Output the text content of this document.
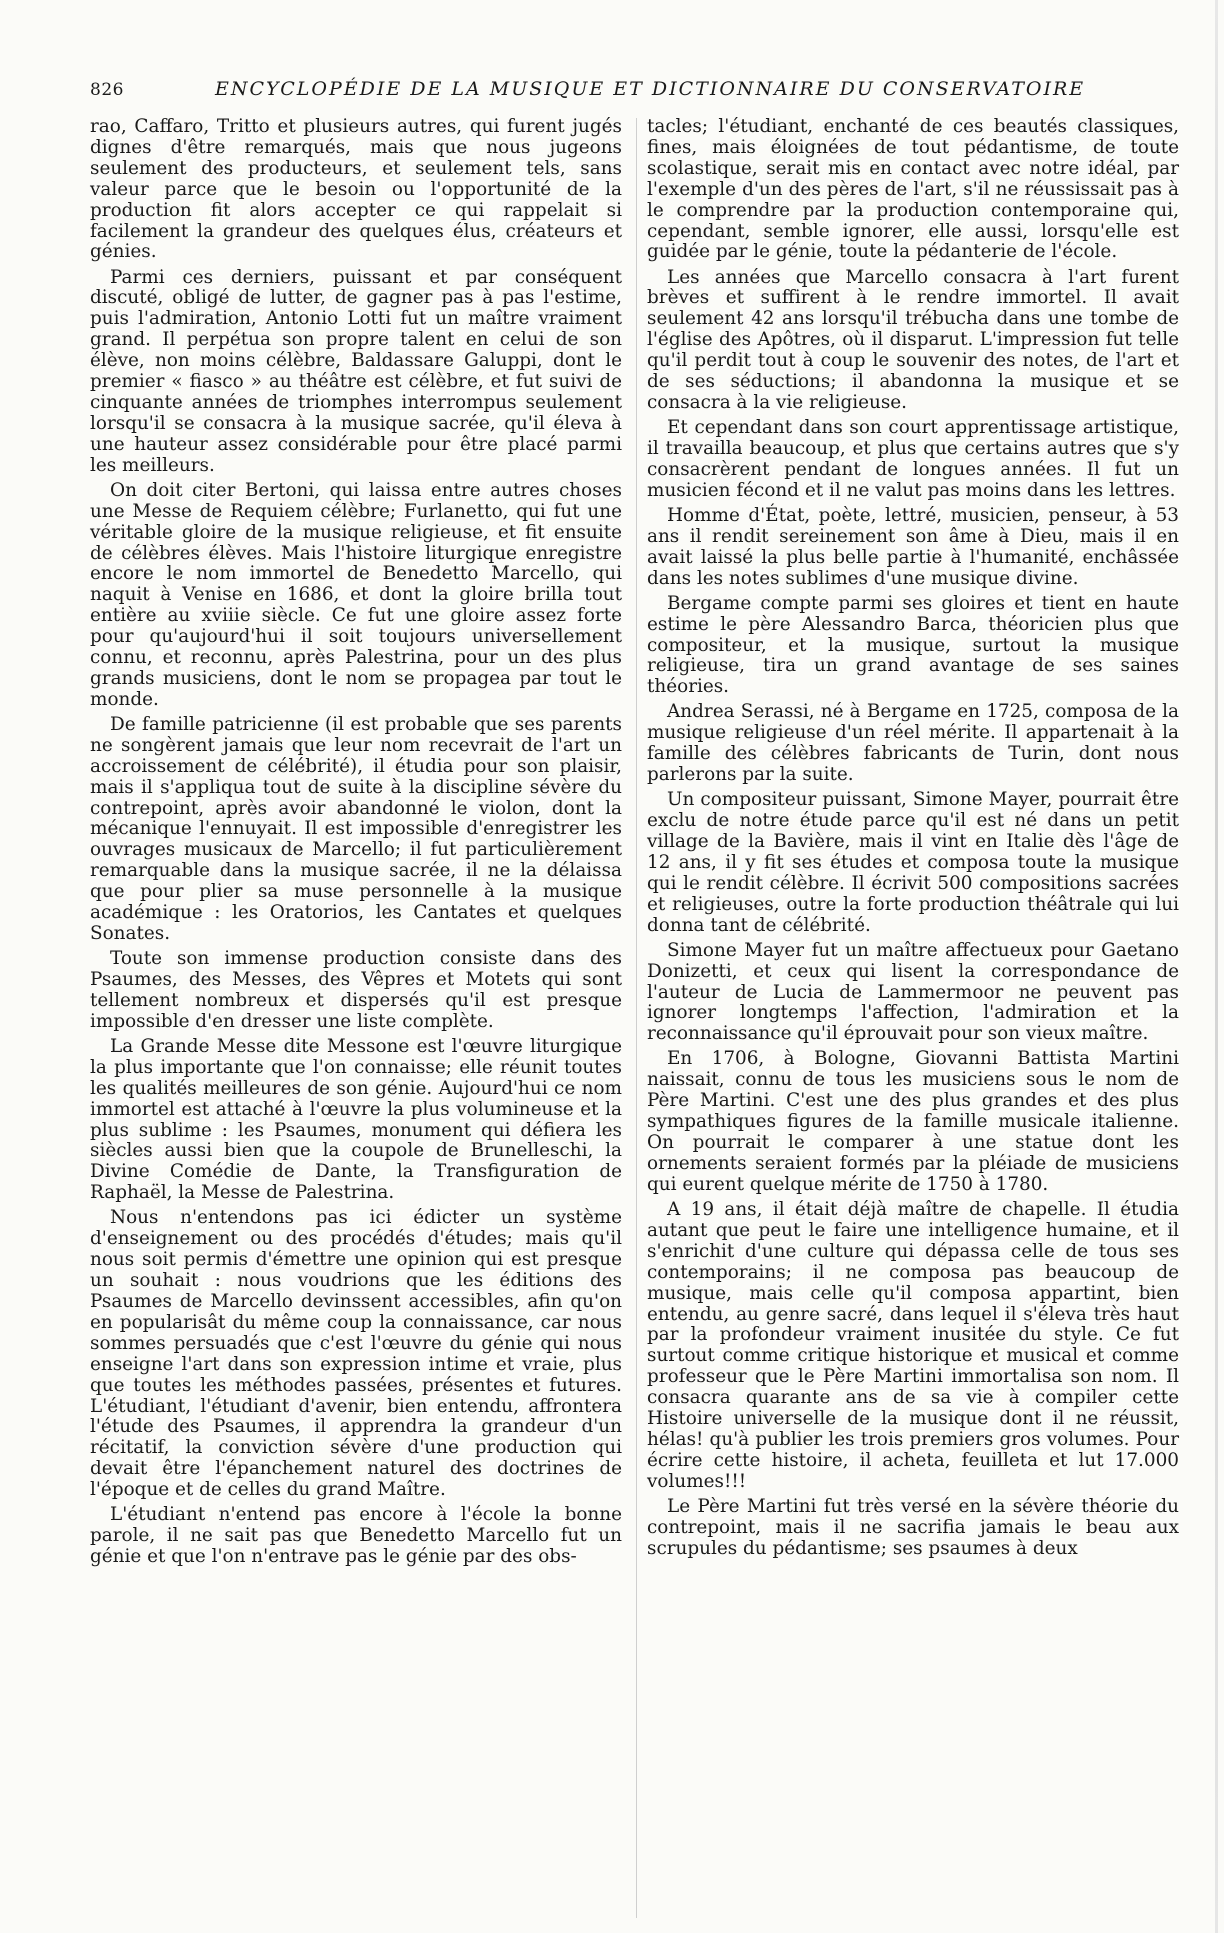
826	ENCYCLOPÉDIE DE LA MUSIQUE ET DICTIONNAIRE DU CONSERVATOIRE

rao, Caffaro, Tritto et plusieurs autres, qui furent jugés dignes d'être remarqués, mais que nous jugeons seulement des producteurs, et seulement tels, sans valeur parce que le besoin ou l'opportunité de la production fit alors accepter ce qui rappelait si facilement la grandeur des quelques élus, créateurs et génies.

Parmi ces derniers, puissant et par conséquent discuté, obligé de lutter, de gagner pas à pas l'estime, puis l'admiration, Antonio Lotti fut un maître vraiment grand. Il perpétua son propre talent en celui de son élève, non moins célèbre, Baldassare Galuppi, dont le premier « fiasco » au théâtre est célèbre, et fut suivi de cinquante années de triomphes interrompus seulement lorsqu'il se consacra à la musique sacrée, qu'il éleva à une hauteur assez considérable pour être placé parmi les meilleurs.

On doit citer Bertoni, qui laissa entre autres choses une Messe de Requiem célèbre; Furlanetto, qui fut une véritable gloire de la musique religieuse, et fit ensuite de célèbres élèves. Mais l'histoire liturgique enregistre encore le nom immortel de Benedetto Marcello, qui naquit à Venise en 1686, et dont la gloire brilla tout entière au xviiie siècle. Ce fut une gloire assez forte pour qu'aujourd'hui il soit toujours universellement connu, et reconnu, après Palestrina, pour un des plus grands musiciens, dont le nom se propagea par tout le monde.

De famille patricienne (il est probable que ses parents ne songèrent jamais que leur nom recevrait de l'art un accroissement de célébrité), il étudia pour son plaisir, mais il s'appliqua tout de suite à la discipline sévère du contrepoint, après avoir abandonné le violon, dont la mécanique l'ennuyait. Il est impossible d'enregistrer les ouvrages musicaux de Marcello; il fut particulièrement remarquable dans la musique sacrée, il ne la délaissa que pour plier sa muse personnelle à la musique académique : les Oratorios, les Cantates et quelques Sonates.

Toute son immense production consiste dans des Psaumes, des Messes, des Vêpres et Motets qui sont tellement nombreux et dispersés qu'il est presque impossible d'en dresser une liste complète.

La Grande Messe dite Messone est l'œuvre liturgique la plus importante que l'on connaisse; elle réunit toutes les qualités meilleures de son génie. Aujourd'hui ce nom immortel est attaché à l'œuvre la plus volumineuse et la plus sublime : les Psaumes, monument qui défiera les siècles aussi bien que la coupole de Brunelleschi, la Divine Comédie de Dante, la Transfiguration de Raphaël, la Messe de Palestrina.

Nous n'entendons pas ici édicter un système d'enseignement ou des procédés d'études; mais qu'il nous soit permis d'émettre une opinion qui est presque un souhait : nous voudrions que les éditions des Psaumes de Marcello devinssent accessibles, afin qu'on en popularisât du même coup la connaissance, car nous sommes persuadés que c'est l'œuvre du génie qui nous enseigne l'art dans son expression intime et vraie, plus que toutes les méthodes passées, présentes et futures. L'étudiant, l'étudiant d'avenir, bien entendu, affrontera l'étude des Psaumes, il apprendra la grandeur d'un récitatif, la conviction sévère d'une production qui devait être l'épanchement naturel des doctrines de l'époque et de celles du grand Maître.

L'étudiant n'entend pas encore à l'école la bonne parole, il ne sait pas que Benedetto Marcello fut un génie et que l'on n'entrave pas le génie par des obs-

tacles; l'étudiant, enchanté de ces beautés classiques, fines, mais éloignées de tout pédantisme, de toute scolastique, serait mis en contact avec notre idéal, par l'exemple d'un des pères de l'art, s'il ne réussissait pas à le comprendre par la production contemporaine qui, cependant, semble ignorer, elle aussi, lorsqu'elle est guidée par le génie, toute la pédanterie de l'école.

Les années que Marcello consacra à l'art furent brèves et suffirent à le rendre immortel. Il avait seulement 42 ans lorsqu'il trébucha dans une tombe de l'église des Apôtres, où il disparut. L'impression fut telle qu'il perdit tout à coup le souvenir des notes, de l'art et de ses séductions; il abandonna la musique et se consacra à la vie religieuse.

Et cependant dans son court apprentissage artistique, il travailla beaucoup, et plus que certains autres que s'y consacrèrent pendant de longues années. Il fut un musicien fécond et il ne valut pas moins dans les lettres.

Homme d'État, poète, lettré, musicien, penseur, à 53 ans il rendit sereinement son âme à Dieu, mais il en avait laissé la plus belle partie à l'humanité, enchâssée dans les notes sublimes d'une musique divine.

Bergame compte parmi ses gloires et tient en haute estime le père Alessandro Barca, théoricien plus que compositeur, et la musique, surtout la musique religieuse, tira un grand avantage de ses saines théories.

Andrea Serassi, né à Bergame en 1725, composa de la musique religieuse d'un réel mérite. Il appartenait à la famille des célèbres fabricants de Turin, dont nous parlerons par la suite.

Un compositeur puissant, Simone Mayer, pourrait être exclu de notre étude parce qu'il est né dans un petit village de la Bavière, mais il vint en Italie dès l'âge de 12 ans, il y fit ses études et composa toute la musique qui le rendit célèbre. Il écrivit 500 compositions sacrées et religieuses, outre la forte production théâtrale qui lui donna tant de célébrité.

Simone Mayer fut un maître affectueux pour Gaetano Donizetti, et ceux qui lisent la correspondance de l'auteur de Lucia de Lammermoor ne peuvent pas ignorer longtemps l'affection, l'admiration et la reconnaissance qu'il éprouvait pour son vieux maître.

En 1706, à Bologne, Giovanni Battista Martini naissait, connu de tous les musiciens sous le nom de Père Martini. C'est une des plus grandes et des plus sympathiques figures de la famille musicale italienne. On pourrait le comparer à une statue dont les ornements seraient formés par la pléiade de musiciens qui eurent quelque mérite de 1750 à 1780.

A 19 ans, il était déjà maître de chapelle. Il étudia autant que peut le faire une intelligence humaine, et il s'enrichit d'une culture qui dépassa celle de tous ses contemporains; il ne composa pas beaucoup de musique, mais celle qu'il composa appartint, bien entendu, au genre sacré, dans lequel il s'éleva très haut par la profondeur vraiment inusitée du style. Ce fut surtout comme critique historique et musical et comme professeur que le Père Martini immortalisa son nom. Il consacra quarante ans de sa vie à compiler cette Histoire universelle de la musique dont il ne réussit, hélas! qu'à publier les trois premiers gros volumes. Pour écrire cette histoire, il acheta, feuilleta et lut 17.000 volumes!!!

Le Père Martini fut très versé en la sévère théorie du contrepoint, mais il ne sacrifia jamais le beau aux scrupules du pédantisme; ses psaumes à deux
